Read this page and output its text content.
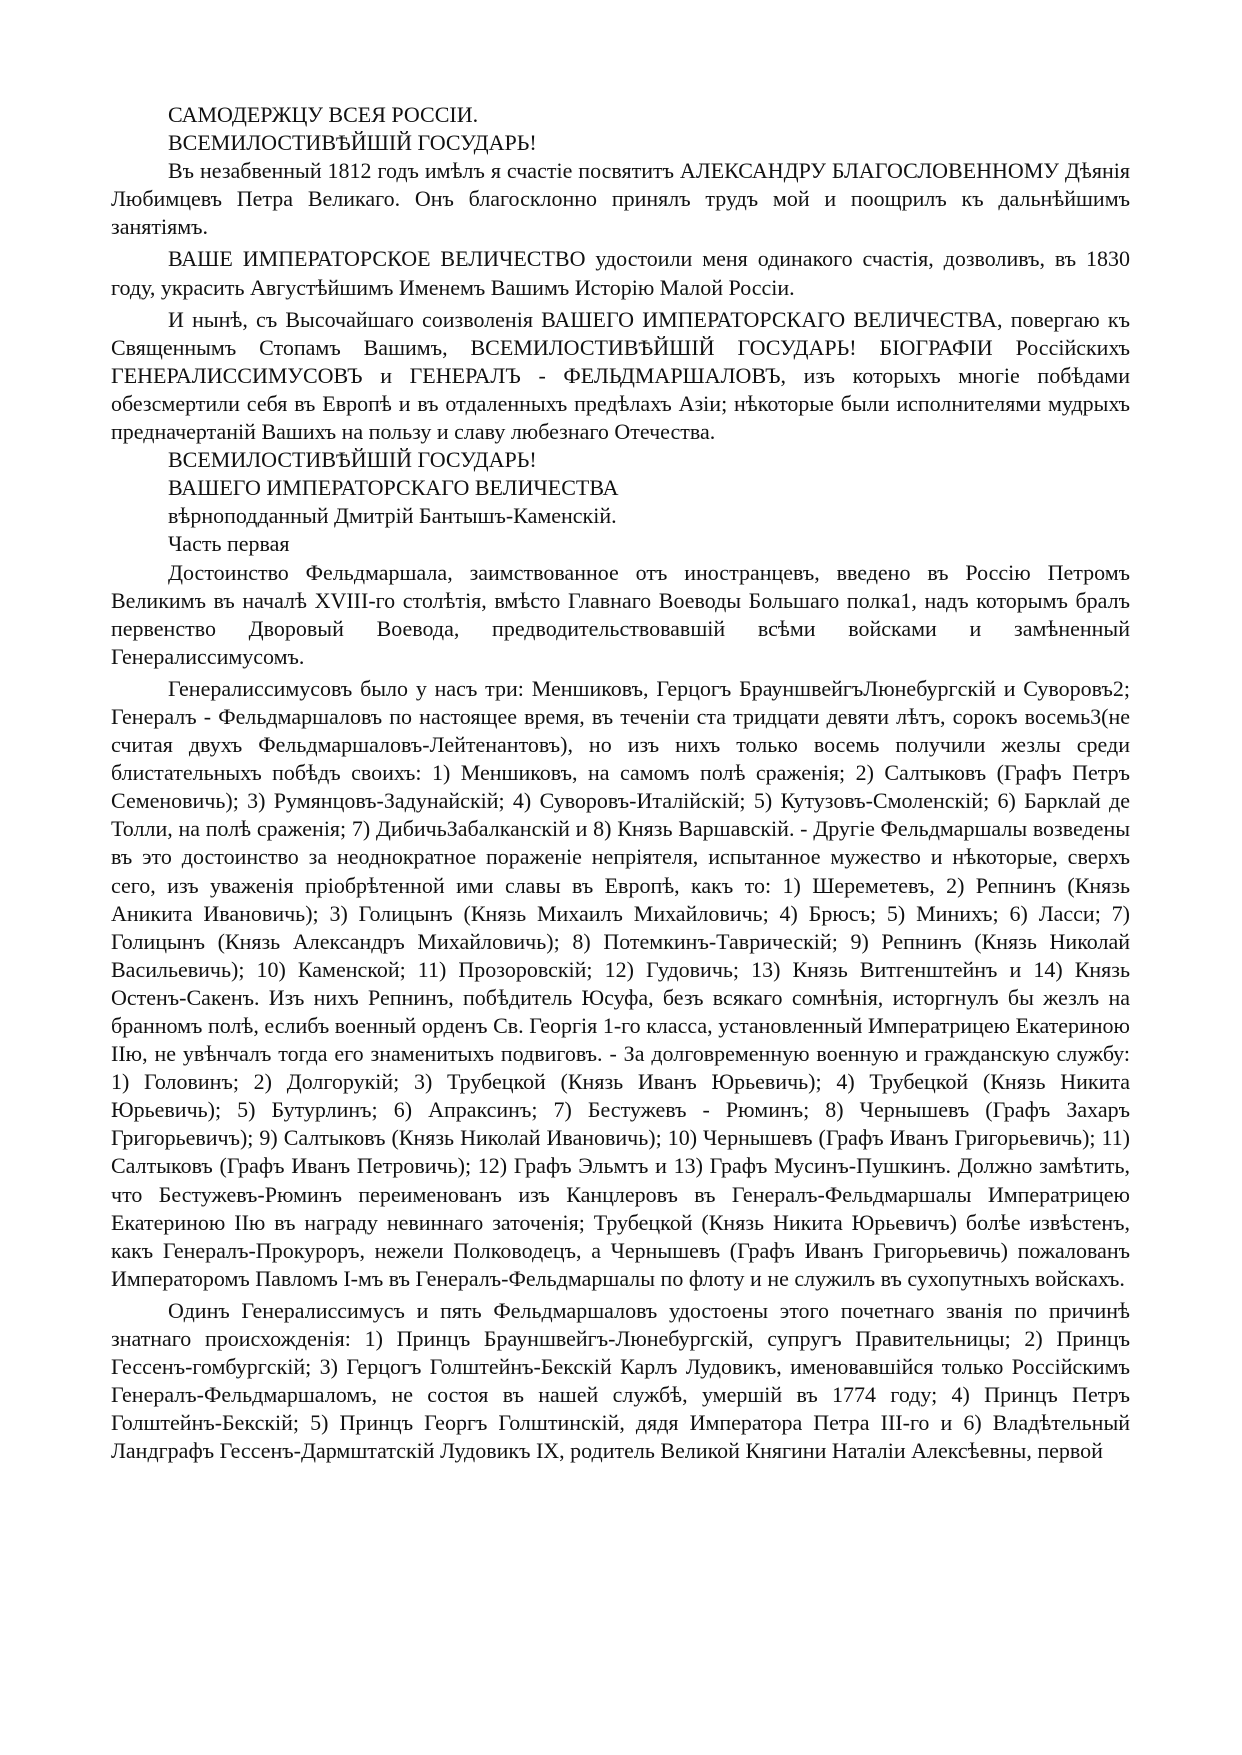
САМОДЕРЖЦУ ВСЕЯ РОССIИ.

ВСЕМИЛОСТИВѢЙШIЙ ГОСУДАРЬ!

Въ незабвенный 1812 годъ имѣлъ я счастiе посвятитъ АЛЕКСАНДРУ БЛАГОСЛОВЕННОМУ Дѣянiя Любимцевъ Петра Великаго. Онъ благосклонно принялъ трудъ мой и поощрилъ къ дальнѣйшимъ занятiямъ.

ВАШЕ ИМПЕРАТОРСКОЕ ВЕЛИЧЕСТВО удостоили меня одинакого счастiя, дозволивъ, въ 1830 году, украсить Августѣйшимъ Именемъ Вашимъ Исторiю Малой Россiи.

И нынѣ, съ Высочайшаго соизволенiя ВАШЕГО ИМПЕРАТОРСКАГО ВЕЛИЧЕСТВА, повергаю къ Священнымъ Стопамъ Вашимъ, ВСЕМИЛОСТИВѢЙШIЙ ГОСУДАРЬ! БIОГРАФIИ Россiйскихъ ГЕНЕРАЛИССИМУСОВЪ и ГЕНЕРАЛЪ - ФЕЛЬДМАРШАЛОВЪ, изъ которыхъ многiе побѣдами обезсмертили себя въ Европѣ и въ отдаленныхъ предѣлахъ Азiи; нѣкоторые были исполнителями мудрыхъ предначертанiй Вашихъ на пользу и славу любезнаго Отечества.

ВСЕМИЛОСТИВѢЙШIЙ ГОСУДАРЬ!

ВАШЕГО ИМПЕРАТОРСКАГО ВЕЛИЧЕСТВА

вѣрноподданный Дмитрiй Бантышъ-Каменскiй.

Часть первая

Достоинство Фельдмаршала, заимствованное отъ иностранцевъ, введено въ Россiю Петромъ Великимъ въ началѣ XVIII-го столѣтiя, вмѣсто Главнаго Воеводы Большаго полка1, надъ которымъ бралъ первенство Дворовый Воевода, предводительствовавшiй всѣми войсками и замѣненный Генералиссимусомъ.

Генералиссимусовъ было у насъ три: Меншиковъ, Герцогъ БрауншвейгъЛюнебургскiй и Суворовъ2; Генералъ - Фельдмаршаловъ по настоящее время, въ теченiи ста тридцати девяти лѣтъ, сорокъ восемь3(не считая двухъ Фельдмаршаловъ-Лейтенантовъ), но изъ нихъ только восемь получили жезлы среди блистательныхъ побѣдъ своихъ: 1) Меншиковъ, на самомъ полѣ сраженiя; 2) Салтыковъ (Графъ Петръ Семеновичь); 3) Румянцовъ-Задунайскiй; 4) Суворовъ-Италiйскiй; 5) Кутузовъ-Смоленскiй; 6) Барклай де Толли, на полѣ сраженiя; 7) ДибичьЗабалканскiй и 8) Князь Варшавскiй. - Другiе Фельдмаршалы возведены въ это достоинство за неоднократное пораженiе непрiятеля, испытанное мужество и нѣкоторые, сверхъ сего, изъ уваженiя прiобрѣтенной ими славы въ Европѣ, какъ то: 1) Шереметевъ, 2) Репнинъ (Князь Аникита Ивановичь); 3) Голицынъ (Князь Михаилъ Михайловичь; 4) Брюсъ; 5) Минихъ; 6) Ласси; 7) Голицынъ (Князь Александръ Михайловичь); 8) Потемкинъ-Таврическiй; 9) Репнинъ (Князь Николай Васильевичь); 10) Каменской; 11) Прозоровскiй; 12) Гудовичь; 13) Князь Витгенштейнъ и 14) Князь Остенъ-Сакенъ. Изъ нихъ Репнинъ, побѣдитель Юсуфа, безъ всякаго сомнѣнiя, исторгнулъ бы жезлъ на бранномъ полѣ, еслибъ военный орденъ Св. Георгiя 1-го класса, установленный Императрицею Екатериною IIю, не увѣнчалъ тогда его знаменитыхъ подвиговъ. - За долговременную военную и гражданскую службу: 1) Головинъ; 2) Долгорукiй; 3) Трубецкой (Князь Иванъ Юрьевичь); 4) Трубецкой (Князь Никита Юрьевичь); 5) Бутурлинъ; 6) Апраксинъ; 7) Бестужевъ - Рюминъ; 8) Чернышевъ (Графъ Захаръ Григорьевичъ); 9) Салтыковъ (Князь Николай Ивановичь); 10) Чернышевъ (Графъ Иванъ Григорьевичь); 11) Салтыковъ (Графъ Иванъ Петровичь); 12) Графъ Эльмтъ и 13) Графъ Мусинъ-Пушкинъ. Должно замѣтить, что Бестужевъ-Рюминъ переименованъ изъ Канцлеровъ въ Генералъ-Фельдмаршалы Императрицею Екатериною IIю въ награду невиннаго заточенiя; Трубецкой (Князь Никита Юрьевичъ) болѣе извѣстенъ, какъ Генералъ-Прокуроръ, нежели Полководецъ, а Чернышевъ (Графъ Иванъ Григорьевичь) пожалованъ Императоромъ Павломъ I-мъ въ Генералъ-Фельдмаршалы по флоту и не служилъ въ сухопутныхъ войскахъ.

Одинъ Генералиссимусъ и пять Фельдмаршаловъ удостоены этого почетнаго званiя по причинѣ знатнаго происхожденiя: 1) Принцъ Брауншвейгъ-Люнебургскiй, супругъ Правительницы; 2) Принцъ Гессенъ-гомбургскiй; 3) Герцогъ Голштейнъ-Бекскiй Карлъ Лудовикъ, именовавшiйся только Россiйскимъ Генералъ-Фельдмаршаломъ, не состоя въ нашей службѣ, умершiй въ 1774 году; 4) Принцъ Петръ Голштейнъ-Бекскiй; 5) Принцъ Георгъ Голштинскiй, дядя Императора Петра III-го и 6) Владѣтельный Ландграфъ Гессенъ-Дармштатскiй Лудовикъ IX, родитель Великой Княгини Наталiи Алексѣевны, первой
